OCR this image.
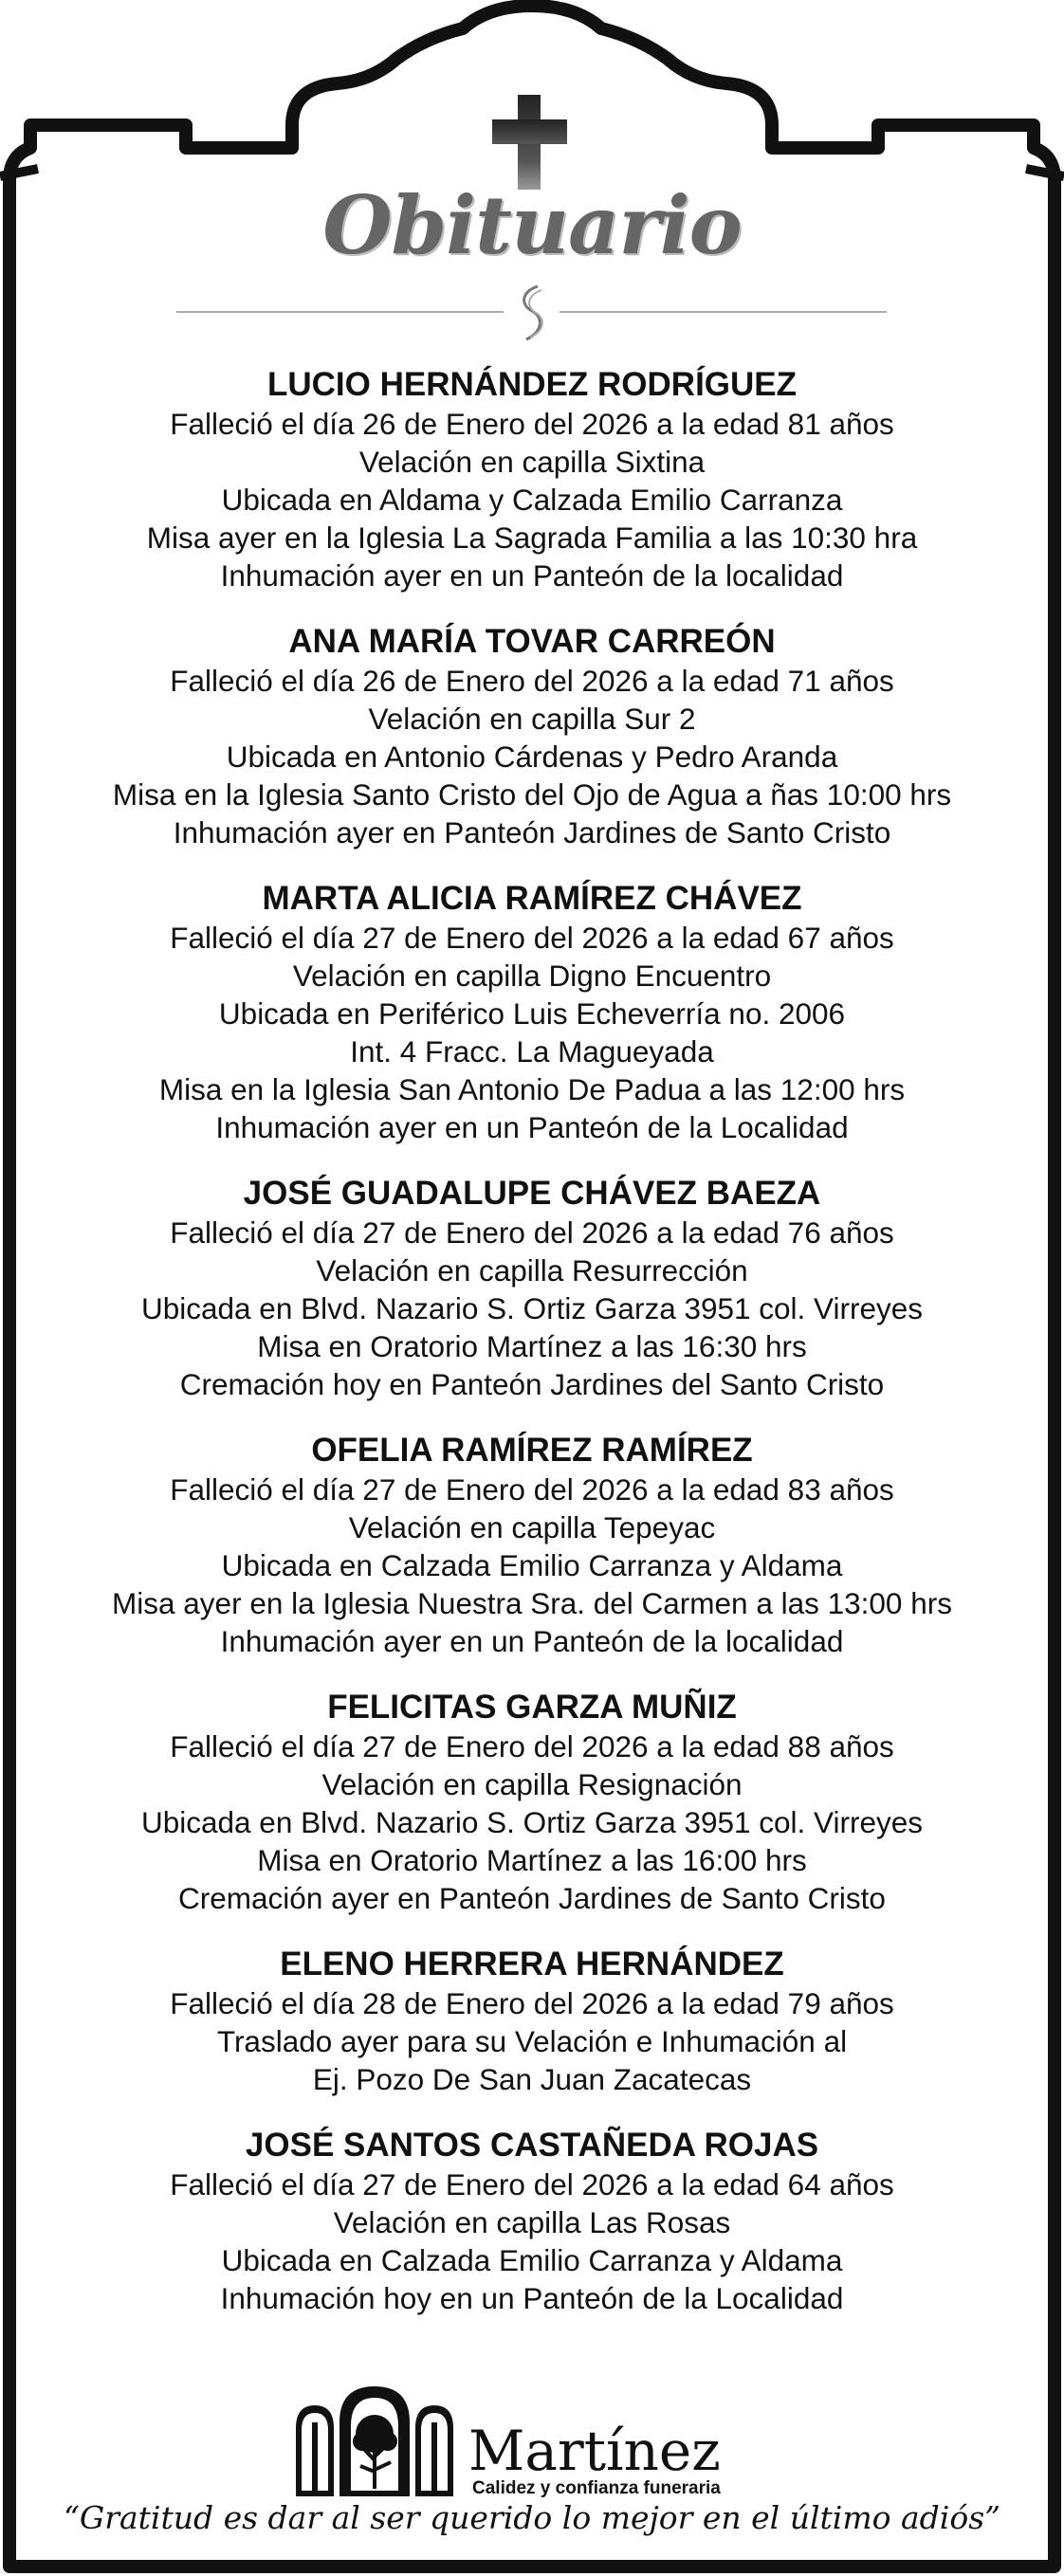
Obituario
LUCIO HERNÁNDEZ RODRÍGUEZ
Falleció el día 26 de Enero del 2026 a la edad 81 años
Velación en capilla Sixtina
Ubicada en Aldama y Calzada Emilio Carranza
Misa ayer en la Iglesia La Sagrada Familia a las 10:30 hra
Inhumación ayer en un Panteón de la localidad
ANA MARÍA TOVAR CARREÓN
Falleció el día 26 de Enero del 2026 a la edad 71 años
Velación en capilla Sur 2
Ubicada en Antonio Cárdenas y Pedro Aranda
Misa en la Iglesia Santo Cristo del Ojo de Agua a ñas 10:00 hrs
Inhumación ayer en Panteón Jardines de Santo Cristo
MARTA ALICIA RAMÍREZ CHÁVEZ
Falleció el día 27 de Enero del 2026 a la edad 67 años
Velación en capilla Digno Encuentro
Ubicada en Periférico Luis Echeverría no. 2006
Int. 4 Fracc. La Magueyada
Misa en la Iglesia San Antonio De Padua a las 12:00 hrs
Inhumación ayer en un Panteón de la Localidad
JOSÉ GUADALUPE CHÁVEZ BAEZA
Falleció el día 27 de Enero del 2026 a la edad 76 años
Velación en capilla Resurrección
Ubicada en Blvd. Nazario S. Ortiz Garza 3951 col. Virreyes
Misa en Oratorio Martínez a las 16:30 hrs
Cremación hoy en Panteón Jardines del Santo Cristo
OFELIA RAMÍREZ RAMÍREZ
Falleció el día 27 de Enero del 2026 a la edad 83 años
Velación en capilla Tepeyac
Ubicada en Calzada Emilio Carranza y Aldama
Misa ayer en la Iglesia Nuestra Sra. del Carmen a las 13:00 hrs
Inhumación ayer en un Panteón de la localidad
FELICITAS GARZA MUÑIZ
Falleció el día 27 de Enero del 2026 a la edad 88 años
Velación en capilla Resignación
Ubicada en Blvd. Nazario S. Ortiz Garza 3951 col. Virreyes
Misa en Oratorio Martínez a las 16:00 hrs
Cremación ayer en Panteón Jardines de Santo Cristo
ELENO HERRERA HERNÁNDEZ
Falleció el día 28 de Enero del 2026 a la edad 79 años
Traslado ayer para su Velación e Inhumación al
Ej. Pozo De San Juan Zacatecas
JOSÉ SANTOS CASTAÑEDA ROJAS
Falleció el día 27 de Enero del 2026 a la edad 64 años
Velación en capilla Las Rosas
Ubicada en Calzada Emilio Carranza y Aldama
Inhumación hoy en un Panteón de la Localidad
Martínez
Calidez y confianza funeraria
“Gratitud es dar al ser querido lo mejor en el último adiós”
